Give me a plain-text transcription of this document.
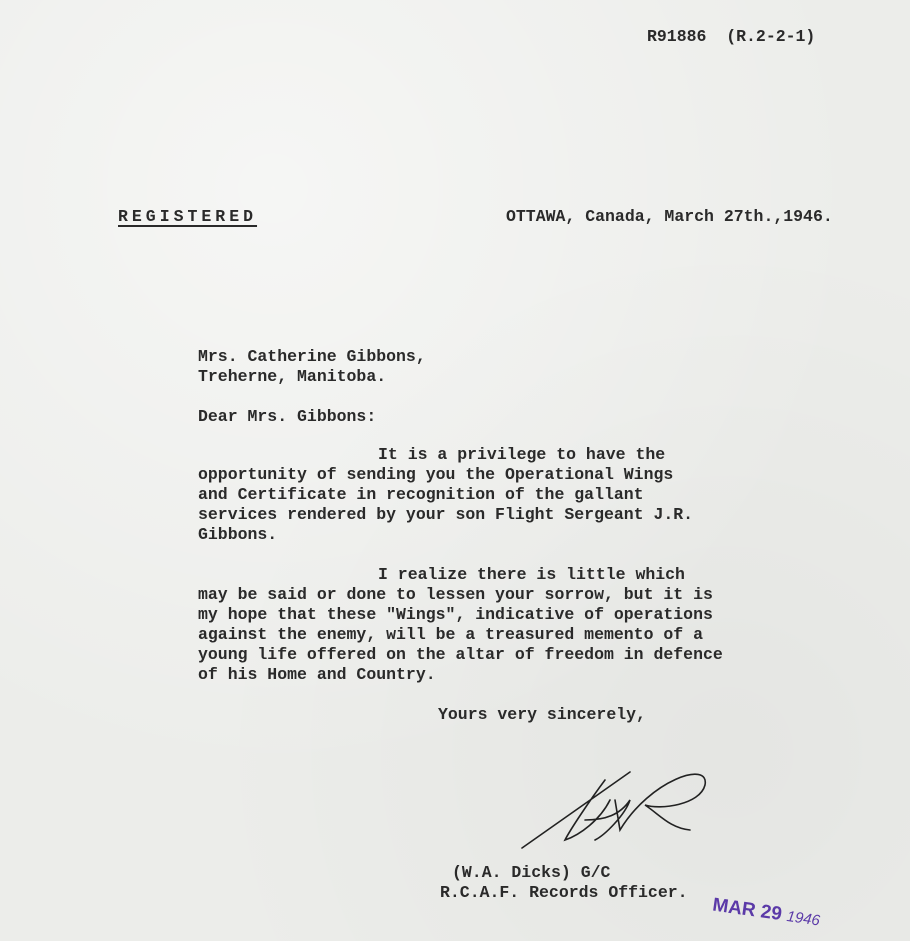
R91886  (R.2-2-1)
REGISTERED	OTTAWA, Canada, March 27th.,1946.
Mrs. Catherine Gibbons,
Treherne, Manitoba.
Dear Mrs. Gibbons:
It is a privilege to have the
opportunity of sending you the Operational Wings
and Certificate in recognition of the gallant
services rendered by your son Flight Sergeant J.R.
Gibbons.
I realize there is little which
may be said or done to lessen your sorrow, but it is
my hope that these "Wings", indicative of operations
against the enemy, will be a treasured memento of a
young life offered on the altar of freedom in defence
of his Home and Country.
Yours very sincerely,
(W.A. Dicks) G/C
R.C.A.F. Records Officer.
MAR 29 1946
